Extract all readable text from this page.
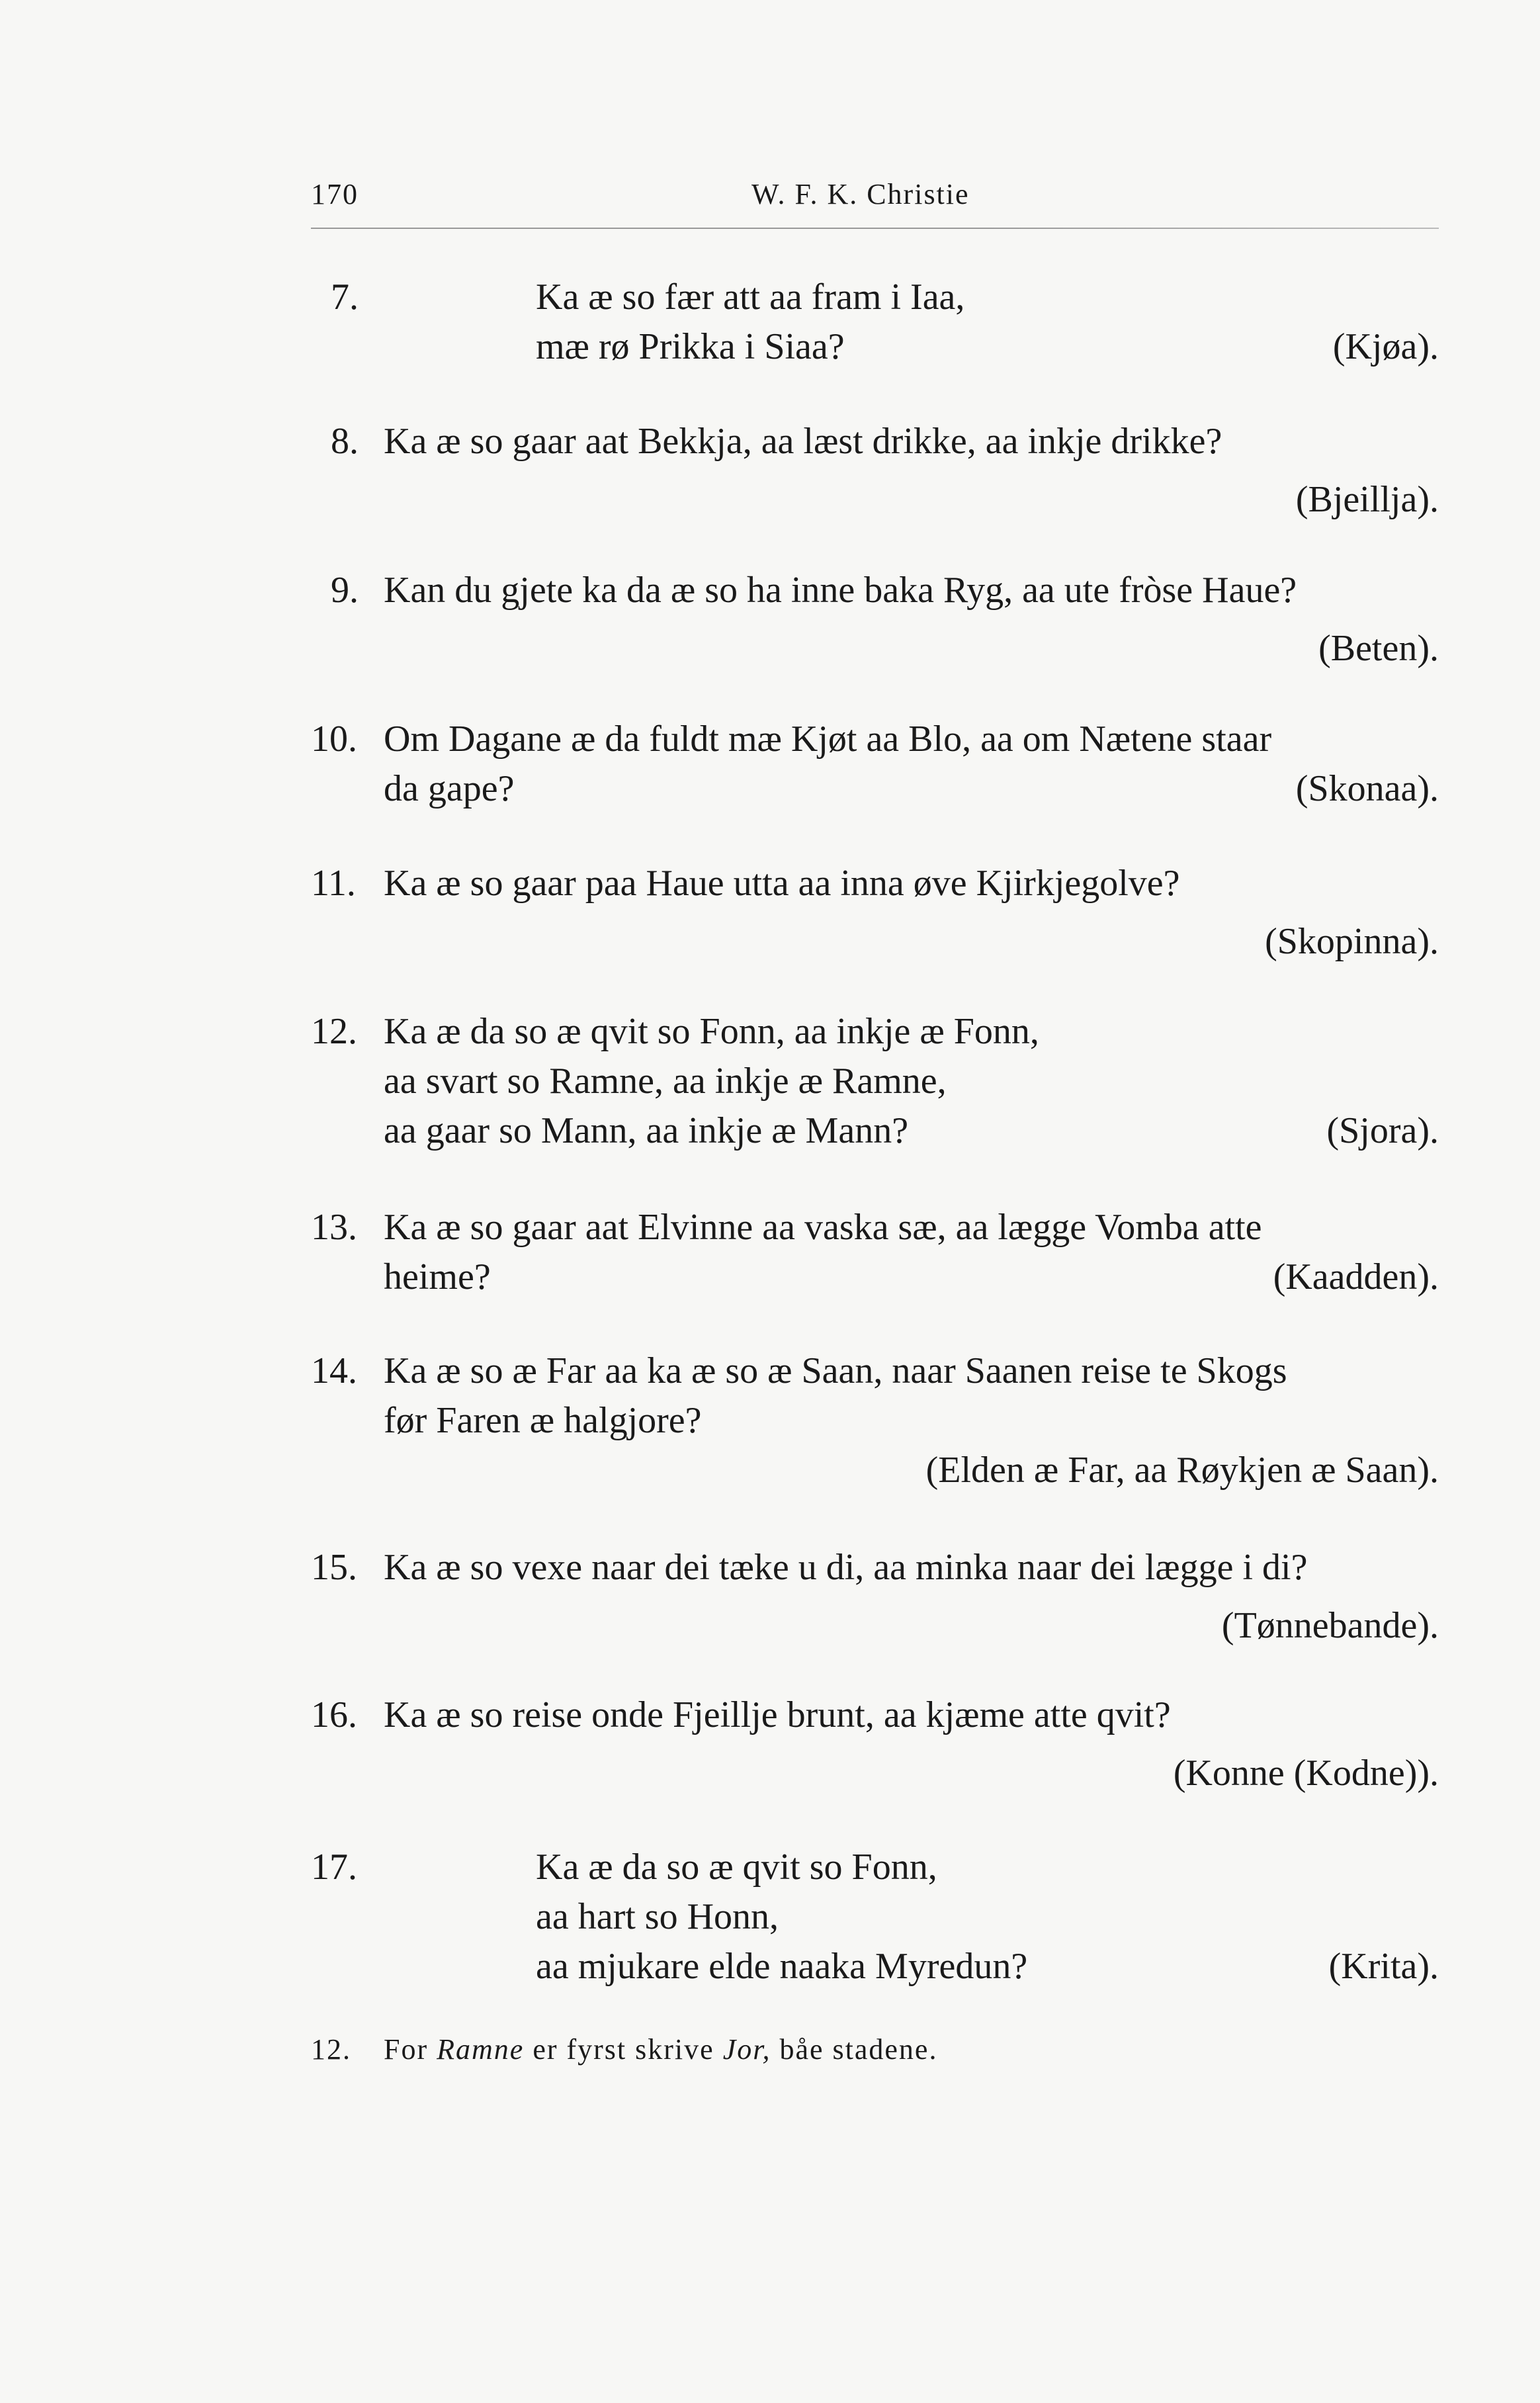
170	W. F. K. Christie
7.	Ka æ so fær att aa fram i Iaa,
mæ rø Prikka i Siaa?	(Kjøa).
8. Ka æ so gaar aat Bekkja, aa læst drikke, aa inkje drikke?
(Bjeillja).
9. Kan du gjete ka da æ so ha inne baka Ryg, aa ute fròse Haue?
(Beten).
10. Om Dagane æ da fuldt mæ Kjøt aa Blo, aa om Nætene staar
da gape?	(Skonaa).
11. Ka æ so gaar paa Haue utta aa inna øve Kjirkjegolve?
(Skopinna).
12. Ka æ da so æ qvit so Fonn, aa inkje æ Fonn,
aa svart so Ramne, aa inkje æ Ramne,
aa gaar so Mann, aa inkje æ Mann?	(Sjora).
13. Ka æ so gaar aat Elvinne aa vaska sæ, aa lægge Vomba atte
heime?	(Kaadden).
14. Ka æ so æ Far aa ka æ so æ Saan, naar Saanen reise te Skogs
før Faren æ halgjore?
(Elden æ Far, aa Røykjen æ Saan).
15. Ka æ so vexe naar dei tæke u di, aa minka naar dei lægge i di?
(Tønnebande).
16. Ka æ so reise onde Fjeillje brunt, aa kjæme atte qvit?
(Konne (Kodne)).
17.	Ka æ da so æ qvit so Fonn,
aa hart so Honn,
aa mjukare elde naaka Myredun?	(Krita).
12. For Ramne er fyrst skrive Jor, båe stadene.
